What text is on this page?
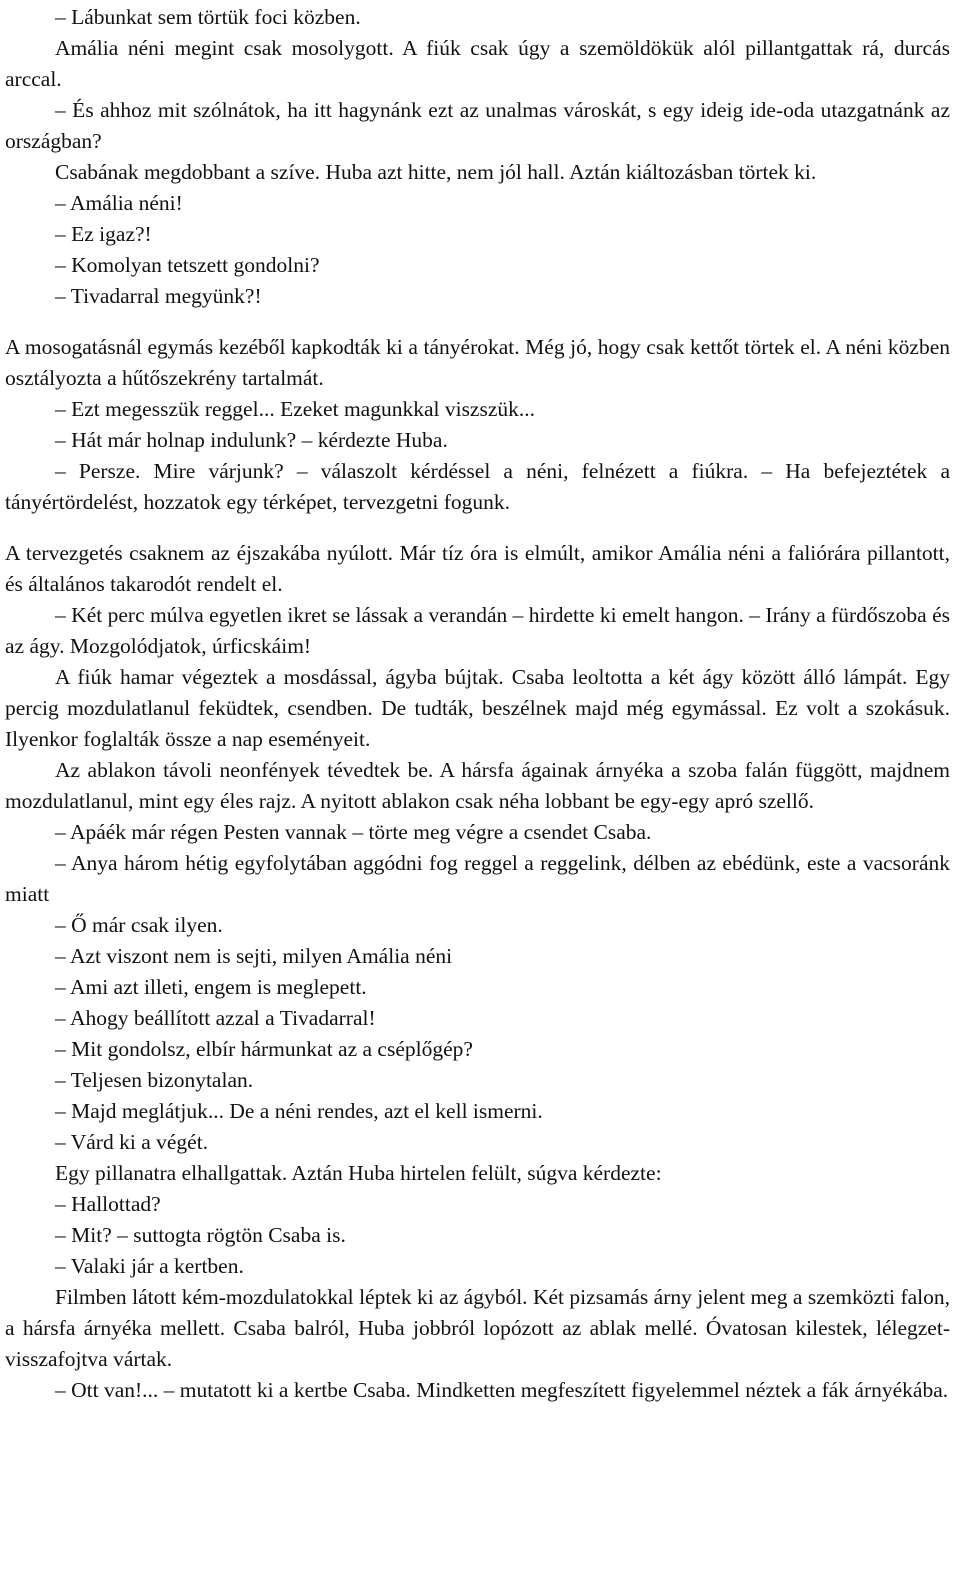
– Lábunkat sem törtük foci közben.

Amália néni megint csak mosolygott. A fiúk csak úgy a szemöldökük alól pillantgattak rá, durcás arccal.

– És ahhoz mit szólnátok, ha itt hagynánk ezt az unalmas városkát, s egy ideig ide-oda utazgatnánk az országban?

Csabának megdobbant a szíve. Huba azt hitte, nem jól hall. Aztán kiáltozásban törtek ki.

– Amália néni!

– Ez igaz?!

– Komolyan tetszett gondolni?

– Tivadarral megyünk?!

A mosogatásnál egymás kezéből kapkodták ki a tányérokat. Még jó, hogy csak kettőt törtek el. A néni közben osztályozta a hűtőszekrény tartalmát.

– Ezt megesszük reggel... Ezeket magunkkal viszszük...

– Hát már holnap indulunk? – kérdezte Huba.

– Persze. Mire várjunk? – válaszolt kérdéssel a néni, felnézett a fiúkra. – Ha befejeztétek a tányértördelést, hozzatok egy térképet, tervezgetni fogunk.

A tervezgetés csaknem az éjszakába nyúlott. Már tíz óra is elmúlt, amikor Amália néni a faliórára pillantott, és általános takarodót rendelt el.

– Két perc múlva egyetlen ikret se lássak a verandán – hirdette ki emelt hangon. – Irány a fürdőszoba és az ágy. Mozgolódjatok, úrficskáim!

A fiúk hamar végeztek a mosdással, ágyba bújtak. Csaba leoltotta a két ágy között álló lámpát. Egy percig mozdulatlanul feküdtek, csendben. De tudták, beszélnek majd még egymással. Ez volt a szokásuk. Ilyenkor foglalták össze a nap eseményeit.

Az ablakon távoli neonfények tévedtek be. A hársfa ágainak árnyéka a szoba falán függött, majdnem mozdulatlanul, mint egy éles rajz. A nyitott ablakon csak néha lobbant be egy-egy apró szellő.

– Apáék már régen Pesten vannak – törte meg végre a csendet Csaba.

– Anya három hétig egyfolytában aggódni fog reggel a reggelink, délben az ebédünk, este a vacsoránk miatt

– Ő már csak ilyen.

– Azt viszont nem is sejti, milyen Amália néni

– Ami azt illeti, engem is meglepett.

– Ahogy beállított azzal a Tivadarral!

– Mit gondolsz, elbír hármunkat az a cséplőgép?

– Teljesen bizonytalan.

– Majd meglátjuk... De a néni rendes, azt el kell ismerni.

– Várd ki a végét.

Egy pillanatra elhallgattak. Aztán Huba hirtelen felült, súgva kérdezte:

– Hallottad?

– Mit? – suttogta rögtön Csaba is.

– Valaki jár a kertben.

Filmben látott kém-mozdulatokkal léptek ki az ágyból. Két pizsamás árny jelent meg a szemközti falon, a hársfa árnyéka mellett. Csaba balról, Huba jobbról lopózott az ablak mellé. Óvatosan kilestek, lélegzet-visszafojtva vártak.

– Ott van!... – mutatott ki a kertbe Csaba. Mindketten megfeszített figyelemmel néztek a fák árnyékába.
